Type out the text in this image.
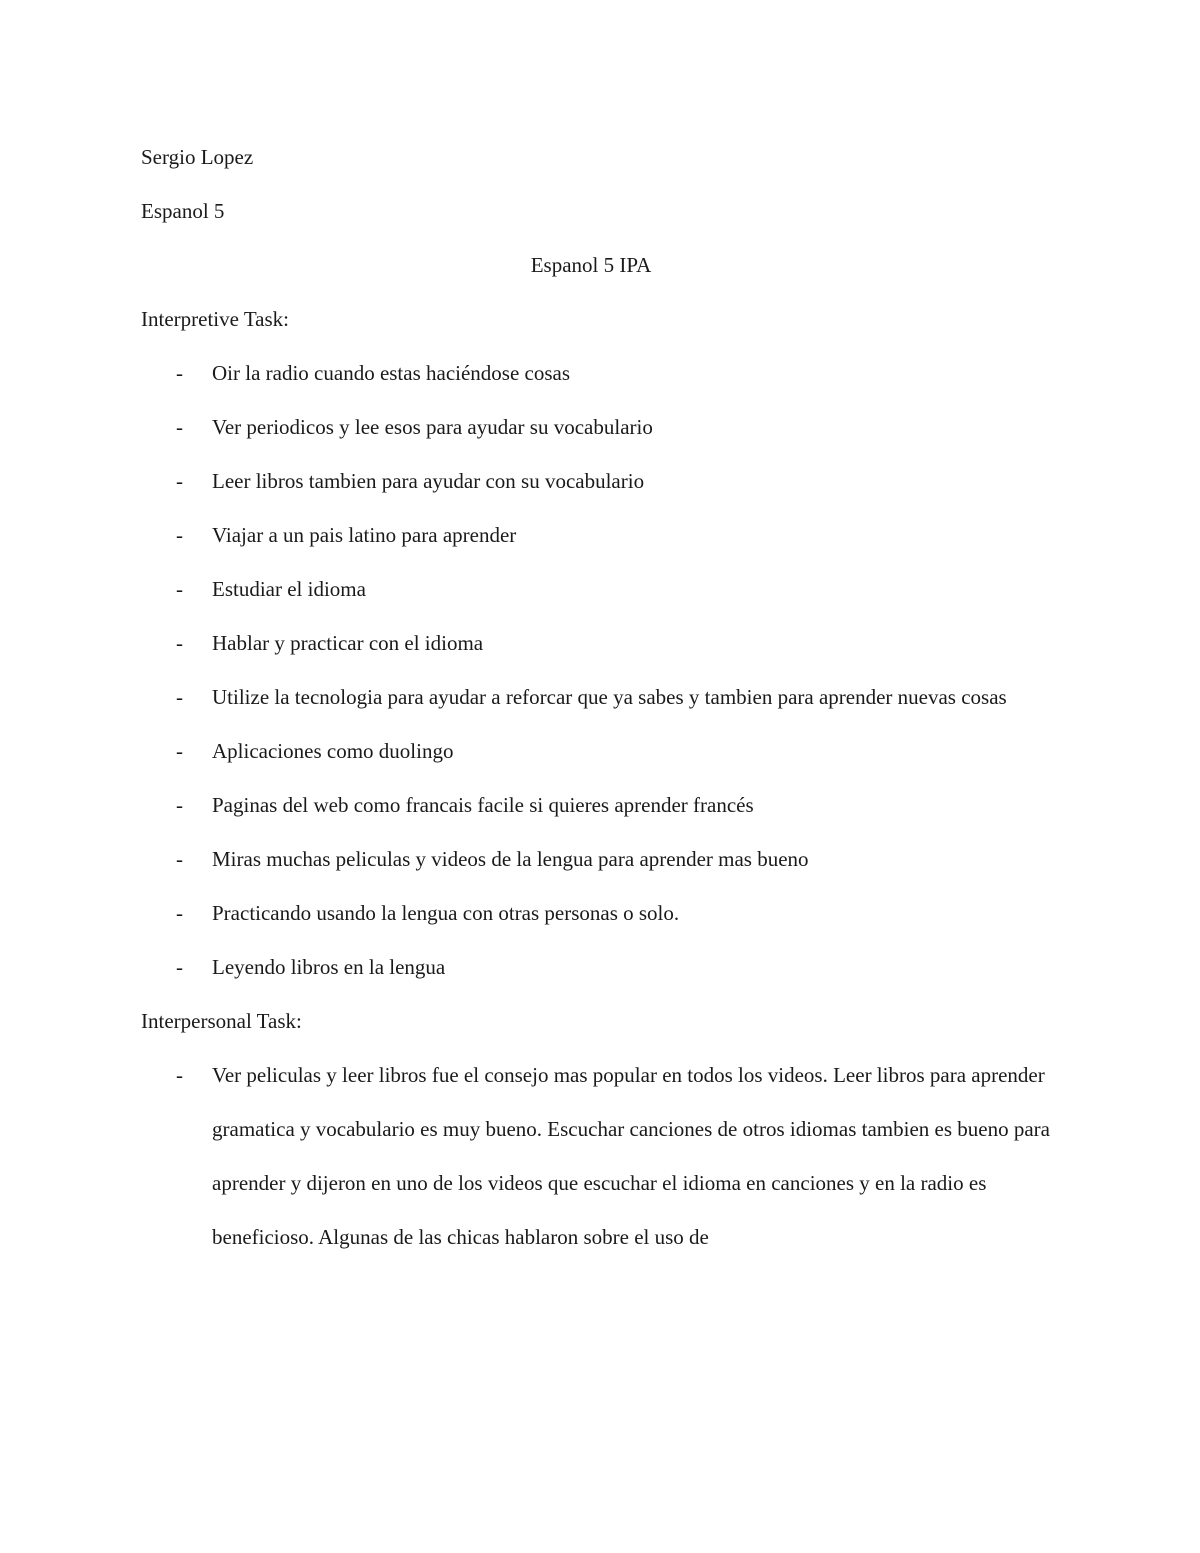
Sergio Lopez

Espanol 5

Espanol 5 IPA

Interpretive Task:

- Oir la radio cuando estas haciéndose cosas
- Ver periodicos y lee esos para ayudar su vocabulario
- Leer libros tambien para ayudar con su vocabulario
- Viajar a un pais latino para aprender
- Estudiar el idioma
- Hablar y practicar con el idioma
- Utilize la tecnologia para ayudar a reforcar que ya sabes y tambien para aprender nuevas cosas
- Aplicaciones como duolingo
- Paginas del web como francais facile si quieres aprender francés
- Miras muchas peliculas y videos de la lengua para aprender mas bueno
- Practicando usando la lengua con otras personas o solo.
- Leyendo libros en la lengua

Interpersonal Task:

- Ver peliculas y leer libros fue el consejo mas popular en todos los videos. Leer libros para aprender gramatica y vocabulario es muy bueno. Escuchar canciones de otros idiomas tambien es bueno para aprender y dijeron en uno de los videos que escuchar el idioma en canciones y en la radio es beneficioso. Algunas de las chicas hablaron sobre el uso de
